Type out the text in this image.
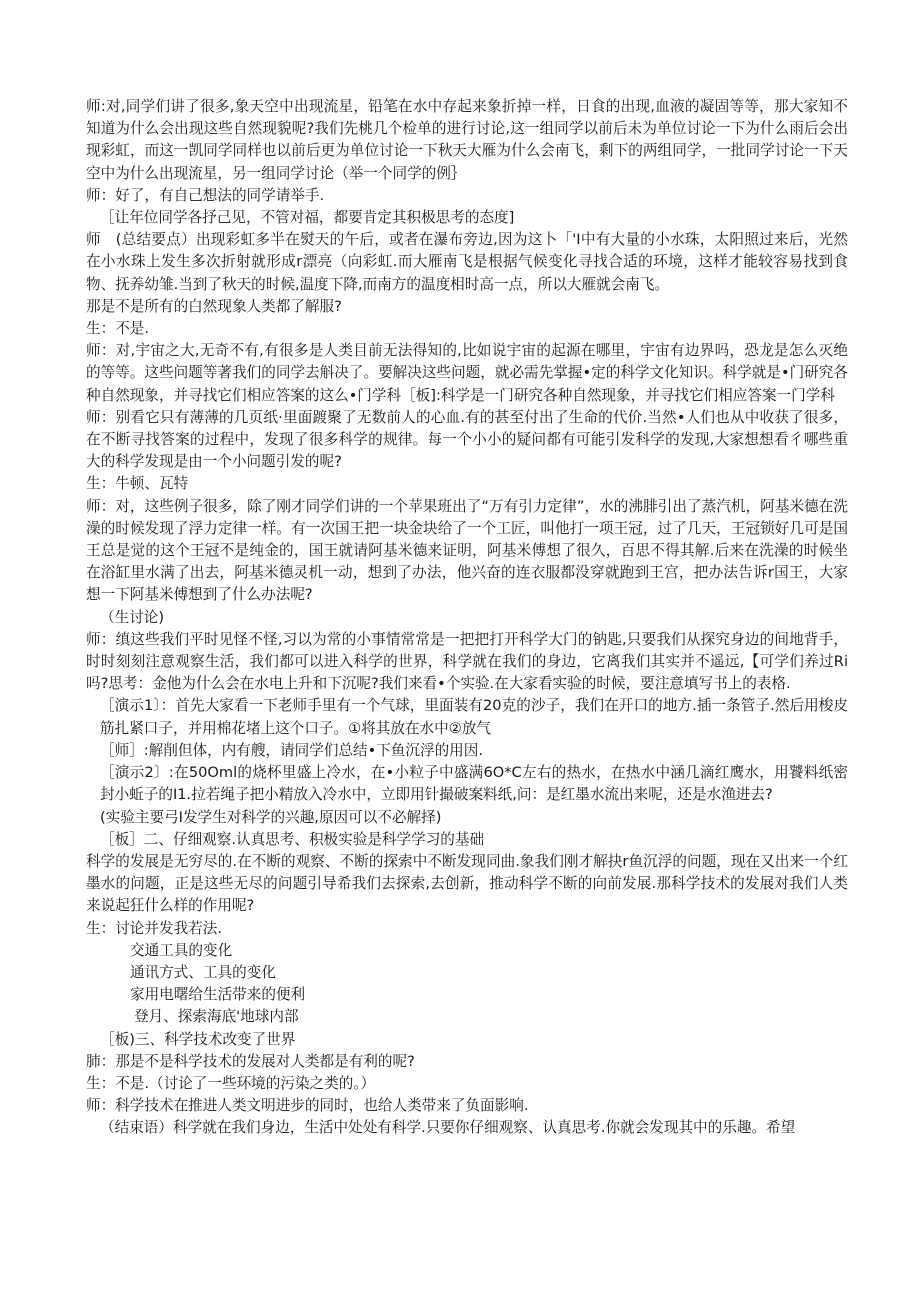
师:对,同学们讲了很多,象天空中出现流星，铅笔在水中存起来象折掉一样，日食的出现,血液的凝固等等，那大家知不知道为什么会出现这些自然现貌呢?我们先桃几个检单的进行讨论,这一组同学以前后未为单位讨论一下为什么雨后会出现彩虹，而这一凯同学同样也以前后更为单位讨论一下秋天大雁为什么会南飞，剩下的两组同学，一批同学讨论一下天空中为什么出现流星，另一组同学讨论（举一个同学的例｝

师：好了，有自己想法的同学请举手.

［让年位同学各抒己见，不管对福，都要肯定其积极思考的态度]

师　(总结要点）出现彩虹多半在熨天的午后，或者在瀑布旁边,因为这卜「'I中有大量的小水珠，太阳照过来后，光然在小水珠上发生多次折射就形成r漂亮（向彩虹.而大雁南飞是根据气候变化寻找合适的环境，这样才能较容易找到食物、抚养幼雏.当到了秋天的时候,温度下降,而南方的温度相时高一点，所以大雁就会南飞。

那是不是所有的白然现象人类都了解服?

生：不是.

师：对,宇宙之大,无奇不有,有很多是人类目前无法得知的,比如说宇宙的起源在哪里，宇宙有边界吗，恐龙是怎么灭绝的等等。这些问题等著我们的同学去斛决了。要解决这些问题，就必需先掌握•定的科学文化知识。科学就是•门研究各种自然现象，并寻找它们相应答案的这么•门学科［板]:科学是一门研究各种自然现象，并寻找它们相应答案一门学科

师：别看它只有薄薄的几页纸·里面踱聚了无数前人的心血.有的甚至付出了生命的代价.当然•人们也从中收获了很多，在不断寻找答案的过程中，发现了很多科学的规律。每一个小小的疑问都有可能引发科学的发现,大家想想看彳哪些重大的科学发现是由一个小问题引发的呢?

生：牛顿、瓦特

师：对，这些例子很多，除了刚才同学们讲的一个苹果班出了“万有引力定律”，水的沸腓引出了蒸汽机，阿基米德在洗澡的时候发现了浮力定律一样。有一次国王把一块金块给了一个工匠，叫他打一项王冠，过了几天，王冠锁好几可是国王总是觉的这个王冠不是纯金的，国王就请阿基米德来证明，阿基米傅想了很久，百思不得其解.后来在洗澡的时候坐在浴缸里水满了出去，阿基米德灵机一动，想到了办法，他兴奋的连衣服都没穿就跑到王宫，把办法告诉r国王，大家想一下阿基米傅想到了什么办法呢?

（生讨论)

师：缜这些我们平时见怪不怪,习以为常的小事情常常是一把把打开科学大门的钠匙,只要我们从探究身边的间地背手，时时刻刻注意观察生活，我们都可以进入科学的世界，科学就在我们的身边，它离我们其实并不遥远,【可学们养过Ri吗?思考：金他为什么会在水电上升和下沉呢?我们来看•个实验.在大家看实验的时候，要注意填写书上的表格.

［演示1〕：首先大家看一下老师手里有一个气球，里面装有20克的沙子，我们在开口的地方.插一条管子.然后用梭皮筋扎紧口子，并用棉花堵上这个口子。①将其放在水中②放气

［师］:解削但体，内有艘，请同学们总结•下鱼沉浮的用因.

［演示2〕:在50Oml的烧杯里盛上冷水，在•小粒子中盛满6O*C左右的热水，在热水中涵几滴红鹰水，用饕料纸密封小蚯子的I1.拉若绳子把小精放入冷水中，立即用针撮破案料纸,问：是红墨水流出来呢，还是水渔进去?

(实验主要弓I发学生对科学的兴趣,原因可以不必解择)

［板］二、仔细观察.认真思考、积极实验是科学学习的基础

科学的发展是无穷尽的.在不断的观察、不断的探索中不断发现同曲.象我们刚才解抉r鱼沉浮的问题，现在又出来一个红墨水的问题，正是这些无尽的问题引导希我们去探索,去创新，推动科学不断的向前发展.那科学技术的发展对我们人类来说起狂什么样的作用呢?

生：讨论并发我若法.

交通工具的变化

通讯方式、工具的变化

家用电曙给生活带来的便利

登月、探索海底'地球内部

［板)三、科学技术改变了世界

肺：那是不是科学技术的发展对人类都是有利的呢?

生：不是.（讨论了一些环境的污染之类的。）

师：科学技术在推进人类文明进步的同时，也给人类带来了负面影响.

（结束语）科学就在我们身边，生活中处处有科学.只要你仔细观察、认真思考.你就会发现其中的乐趣。希望
